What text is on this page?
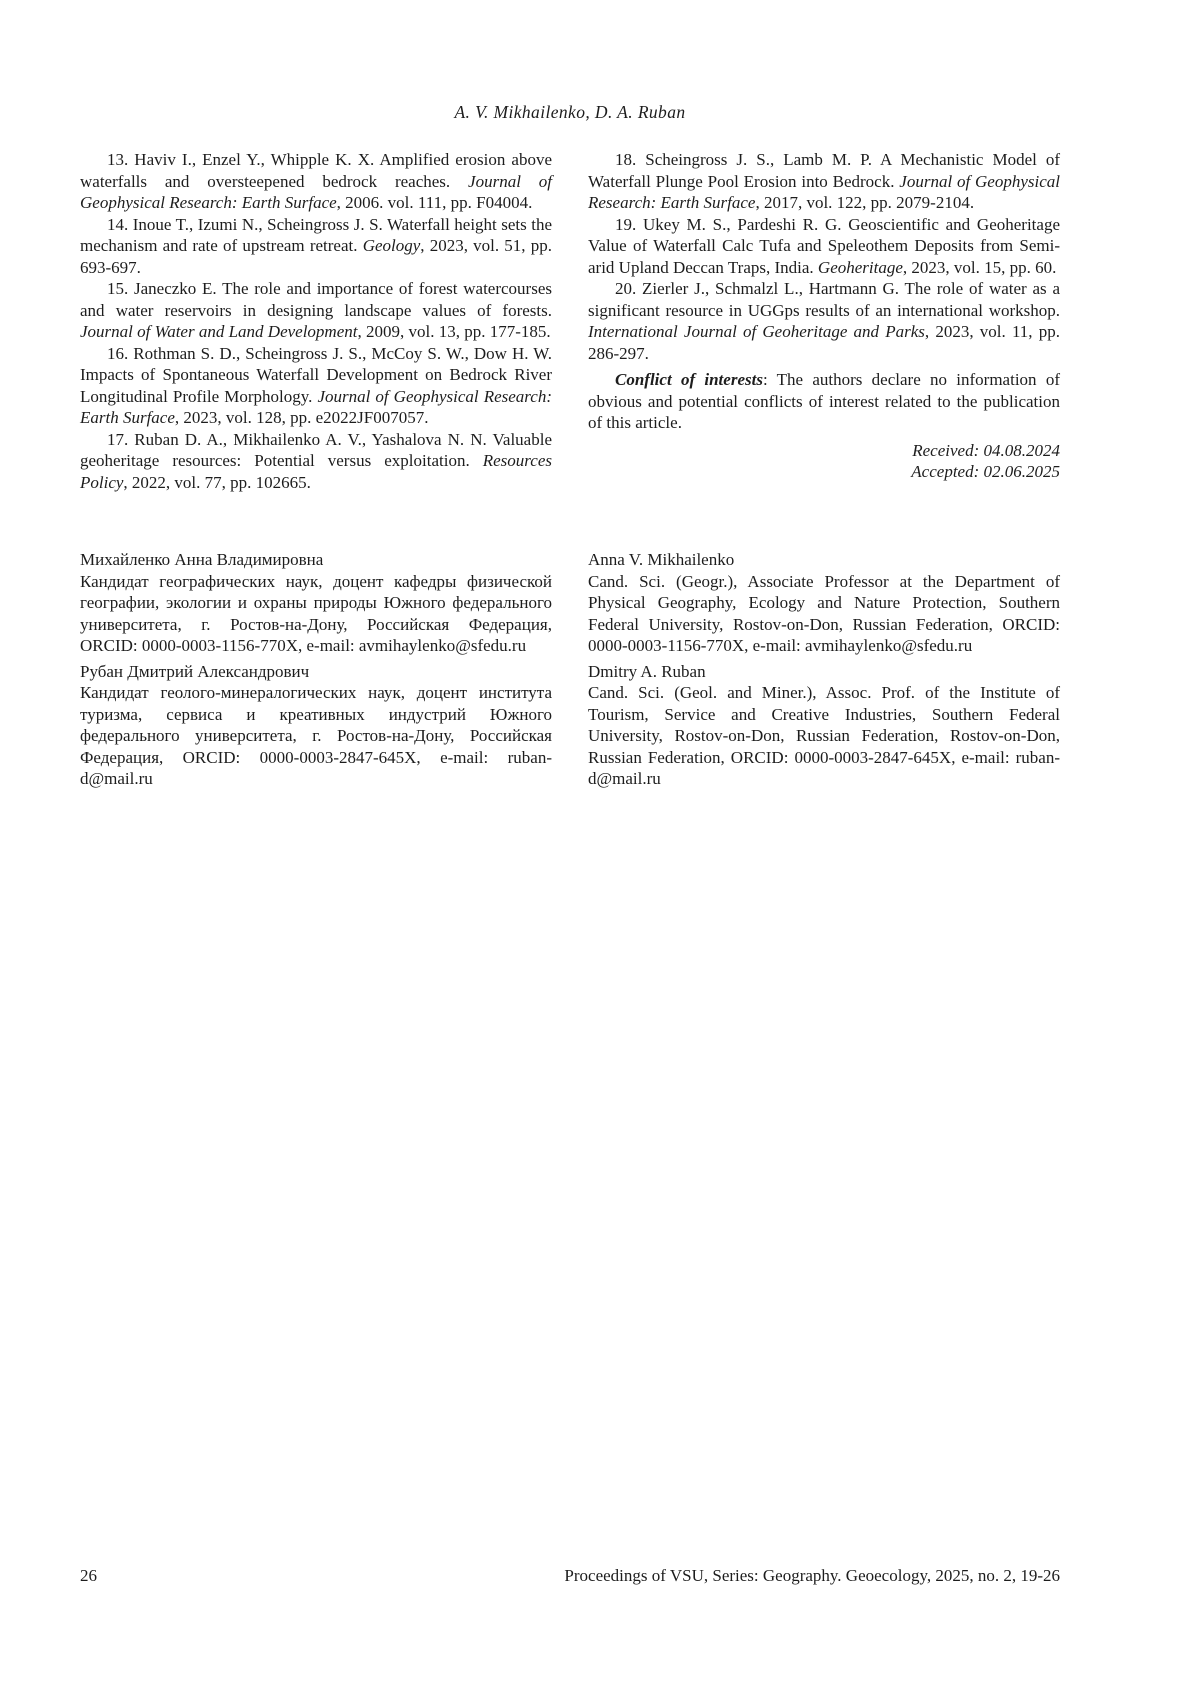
A. V. Mikhailenko, D. A. Ruban

13. Haviv I., Enzel Y., Whipple K. X. Amplified erosion above waterfalls and oversteepened bedrock reaches. Journal of Geophysical Research: Earth Surface, 2006. vol. 111, pp. F04004.

14. Inoue T., Izumi N., Scheingross J. S. Waterfall height sets the mechanism and rate of upstream retreat. Geology, 2023, vol. 51, pp. 693-697.

15. Janeczko E. The role and importance of forest watercourses and water reservoirs in designing landscape values of forests. Journal of Water and Land Development, 2009, vol. 13, pp. 177-185.

16. Rothman S. D., Scheingross J. S., McCoy S. W., Dow H. W. Impacts of Spontaneous Waterfall Development on Bedrock River Longitudinal Profile Morphology. Journal of Geophysical Research: Earth Surface, 2023, vol. 128, pp. e2022JF007057.

17. Ruban D. A., Mikhailenko A. V., Yashalova N. N. Valuable geoheritage resources: Potential versus exploitation. Resources Policy, 2022, vol. 77, pp. 102665.

18. Scheingross J. S., Lamb M. P. A Mechanistic Model of Waterfall Plunge Pool Erosion into Bedrock. Journal of Geophysical Research: Earth Surface, 2017, vol. 122, pp. 2079-2104.

19. Ukey M. S., Pardeshi R. G. Geoscientific and Geoheritage Value of Waterfall Calc Tufa and Speleothem Deposits from Semi-arid Upland Deccan Traps, India. Geoheritage, 2023, vol. 15, pp. 60.

20. Zierler J., Schmalzl L., Hartmann G. The role of water as a significant resource in UGGps results of an international workshop. International Journal of Geoheritage and Parks, 2023, vol. 11, pp. 286-297.

Conflict of interests: The authors declare no information of obvious and potential conflicts of interest related to the publication of this article.

Received: 04.08.2024
Accepted: 02.06.2025

Михайленко Анна Владимировна

Кандидат географических наук, доцент кафедры физической географии, экологии и охраны природы Южного федерального университета, г. Ростов-на-Дону, Российская Федерация, ORCID: 0000-0003-1156-770X, e-mail: avmihaylenko@sfedu.ru

Рубан Дмитрий Александрович

Кандидат геолого-минералогических наук, доцент института туризма, сервиса и креативных индустрий Южного федерального университета, г. Ростов-на-Дону, Российская Федерация, ORCID: 0000-0003-2847-645X, e-mail: ruban-d@mail.ru

Anna V. Mikhailenko

Cand. Sci. (Geogr.), Associate Professor at the Department of Physical Geography, Ecology and Nature Protection, Southern Federal University, Rostov-on-Don, Russian Federation, ORCID: 0000-0003-1156-770X, e-mail: avmihaylenko@sfedu.ru

Dmitry A. Ruban

Cand. Sci. (Geol. and Miner.), Assoc. Prof. of the Institute of Tourism, Service and Creative Industries, Southern Federal University, Rostov-on-Don, Russian Federation, Rostov-on-Don, Russian Federation, ORCID: 0000-0003-2847-645X, e-mail: ruban-d@mail.ru

26	Proceedings of VSU, Series: Geography. Geoecology, 2025, no. 2, 19-26
